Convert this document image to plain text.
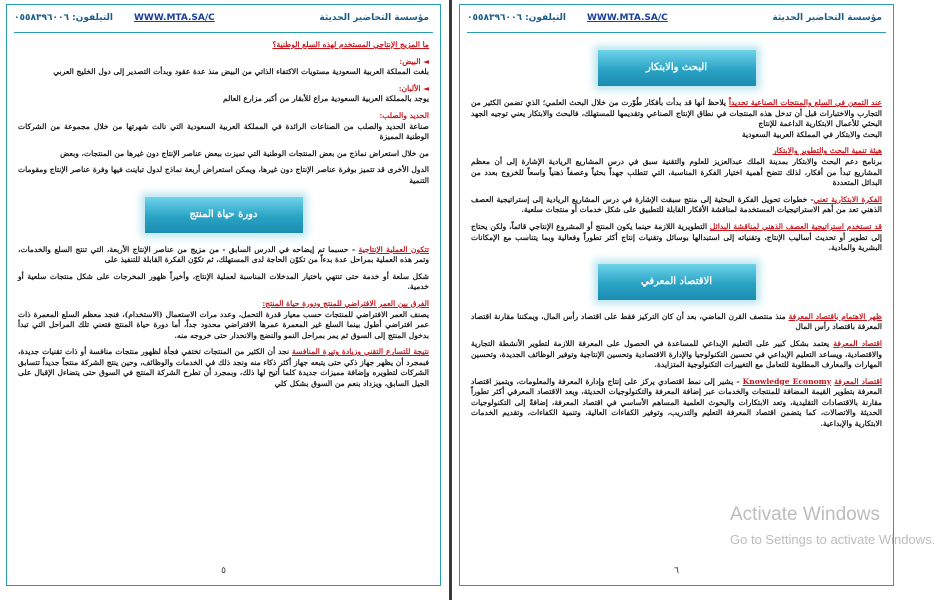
التيلفون: ٠٥٥٨٣٩٦٠٠٦ WWW.MTA.SA/C	مؤسسة التحاضير الحديثة

ما المزيج الإنتاجي المستخدم لهذه السلع الوطنية؟

◄ البيض:
بلغت المملكة العربية السعودية مستويات الاكتفاء الذاتي من البيض منذ عدة عقود وبدأت التصدير إلى دول الخليج العربي

◄ الألبان:
يوجد بالمملكة العربية السعودية مراع للأبقار من أكبر مزارع العالم

الحديد والصلب:
صناعة الحديد والصلب من الصناعات الرائدة في المملكة العربية السعودية التي نالت شهرتها من خلال مجموعة من الشركات الوطنية المميزة

من خلال استعراض نماذج من بعض المنتجات الوطنية التي تميزت ببعض عناصر الإنتاج دون غيرها من المنتجات، وبعض

الدول الأخرى قد تتميز بوفرة عناصر الإنتاج دون غيرها، ويمكن استعراض أربعة نماذج لدول تباينت فيها وفرة عناصر الإنتاج ومقومات التنمية

دورة حياة المنتج

تتكون العملية الإنتاجية - حسبما تم إيضاحه في الدرس السابق - من مزيج من عناصر الإنتاج الأربعة، التي تنتج السلع والخدمات، وتمر هذه العملية بمراحل عدة بدءاً من تكوّن الحاجة لدى المستهلك، ثم تكوّن الفكرة القابلة للتنفيذ على

شكل سلعة أو خدمة حتى تنتهي باختيار المدخلات المناسبة لعملية الإنتاج، وأخيراً ظهور المخرجات على شكل منتجات سلعية أو خدمية.

الفرق بين العمر الافتراضي للمنتج ودورة حياة المنتج:
يصنف العمر الافتراضي للمنتجات حسب معيار قدرة التحمل، وعدد مرات الاستعمال (الاستخدام)، فنجد معظم السلع المعمرة ذات عمر افتراضي أطول بينما السلع غير المعمرة عمرها الافتراضي محدود جداً، أما دورة حياة المنتج فتعني تلك المراحل التي تبدأ بدخول المنتج إلى السوق ثم يمر بمراحل النمو والنضج والانحدار حتى خروجه منه.

نتيجة للتسارع التقني وزيادة وتيرة المنافسة نجد أن الكثير من المنتجات تختفي فجأة لظهور منتجات منافسة أو ذات تقنيات جديدة، فبمجرد أن يظهر جهاز ذكي حتى يتبعه جهاز أكثر ذكاء منه ونجد ذلك في الخدمات والوظائف، وحين ينتج الشركة منتجاً جديداً تتسابق الشركات لتطويره وإضافة مميزات جديدة كلما أتيح لها ذلك، وبمجرد أن تطرح الشركة المنتج في السوق حتى يتضاءل الإقبال على الجيل السابق، ويزداد بنعم من السوق بشكل كلي

٥
التيلفون: ٠٥٥٨٣٩٦٠٠٦ WWW.MTA.SA/C	مؤسسة التحاضير الحديثة
البحث والابتكار

عند التمعن في السلع والمنتجات الصناعية تحديداً يلاحظ أنها قد بدأت بأفكار طُوّرت من خلال البحث العلمي؛ الذي تضمن الكثير من التجارب والاختبارات قبل أن تدخل هذه المنتجات في نطاق الإنتاج الصناعي وتقديمها للمستهلك، فالبحث والابتكار يعني توجيه الجهد البحثي للأعمال الابتكارية الداعمة للإنتاج
البحث والابتكار في المملكة العربية السعودية

هيئة تنمية البحث والتطوير والابتكار
برنامج دعم البحث والابتكار بمدينة الملك عبدالعزيز للعلوم والتقنية سبق في درس المشاريع الريادية الإشارة إلى أن معظم المشاريع تبدأ من أفكار، لذلك تتضح أهمية اختيار الفكرة المناسبة، التي تتطلب جهداً بحثياً وعصفاً ذهنياً واسعاً للخروج بعدد من البدائل المتعددة

الفكرة الابتكارية تعني- خطوات تحويل الفكرة البحثية إلى منتج سبقت الإشارة في درس المشاريع الريادية إلى إستراتيجية العصف الذهني تعد من أهم الاستراتيجيات المستخدمة لمناقشة الأفكار القابلة للتطبيق على شكل خدمات أو منتجات سلعية.

قد تستخدم استراتيجية العصف الذهني لمناقشة البدائل التطويرية اللازمة حينما يكون المنتج أو المشروع الإنتاجي قائماً، ولكن يحتاج إلى تطوير أو تحديث أساليب الإنتاج، وتقنياته إلى استبدالها بوسائل وتقنيات إنتاج أكثر تطوراً وفعالية وبما يتناسب مع الإمكانات البشرية والمادية.

الاقتصاد المعرفي

ظهر الاهتمام باقتصاد المعرفة منذ منتصف القرن الماضي، بعد أن كان التركيز فقط على اقتصاد رأس المال، ويمكننا مقارنة اقتصاد المعرفة باقتصاد رأس المال

اقتصاد المعرفة يعتمد بشكل كبير على التعليم الإبداعي للمساعدة في الحصول على المعرفة اللازمة لتطوير الأنشطة التجارية والاقتصادية، ويساعد التعليم الإبداعي في تحسين التكنولوجيا والإدارة الاقتصادية وتحسين الإنتاجية وتوفير الوظائف الجديدة، وتحسين المهارات والمعارف المطلوبة للتعامل مع التغييرات التكنولوجية المتزايدة.

اقتصاد المعرفة Knowledge Economy - يشير إلى نمط اقتصادي يركز على إنتاج وإدارة المعرفة والمعلومات، ويتميز اقتصاد المعرفة بتطوير القيمة المضافة للمنتجات والخدمات عبر إضافة المعرفة والتكنولوجيات الحديثة، ويعد الاقتصاد المعرفي أكثر تطوراً مقارنة بالاقتصادات التقليدية، وتعد الابتكارات والبحوث العلمية المساهم الأساسي في اقتصاد المعرفة، إضافةً إلى التكنولوجيات الحديثة والاتصالات، كما يتضمن اقتصاد المعرفة التعليم والتدريب، وتوفير الكفاءات العالية، وتنمية الكفاءات، وتقديم الخدمات الابتكارية والإبداعية.

٦
Activate Windows
Go to Settings to activate Windows.
